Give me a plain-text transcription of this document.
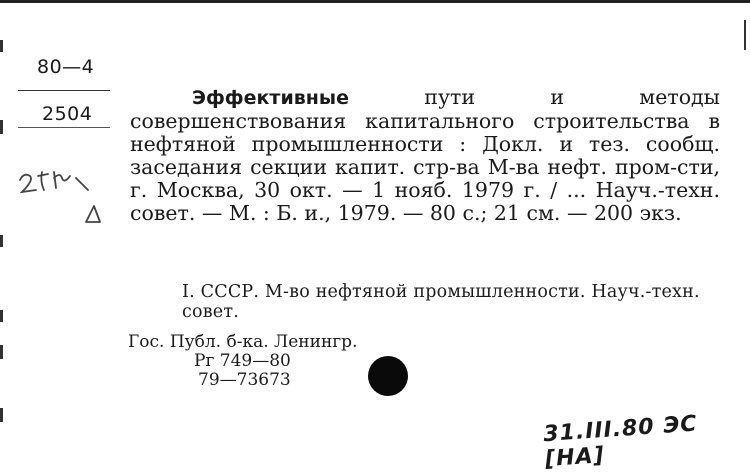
80—4
2504
Эффективные пути и методы совершенствования капитального строительства в нефтяной промышленности : Докл. и тез. сообщ. заседания секции капит. стр-ва М-ва нефт. пром-сти, г. Москва, 30 окт. — 1 нояб. 1979 г. / ... Науч.-техн. совет. — М. : Б. и., 1979. — 80 с.; 21 см. — 200 экз.
I. СССР. М-во нефтяной промышленности. Науч.-техн. совет.
Гос. Публ. б-ка. Ленингр.
Рг 749—80
79—73673
31.III.80 ЭС [НА]
